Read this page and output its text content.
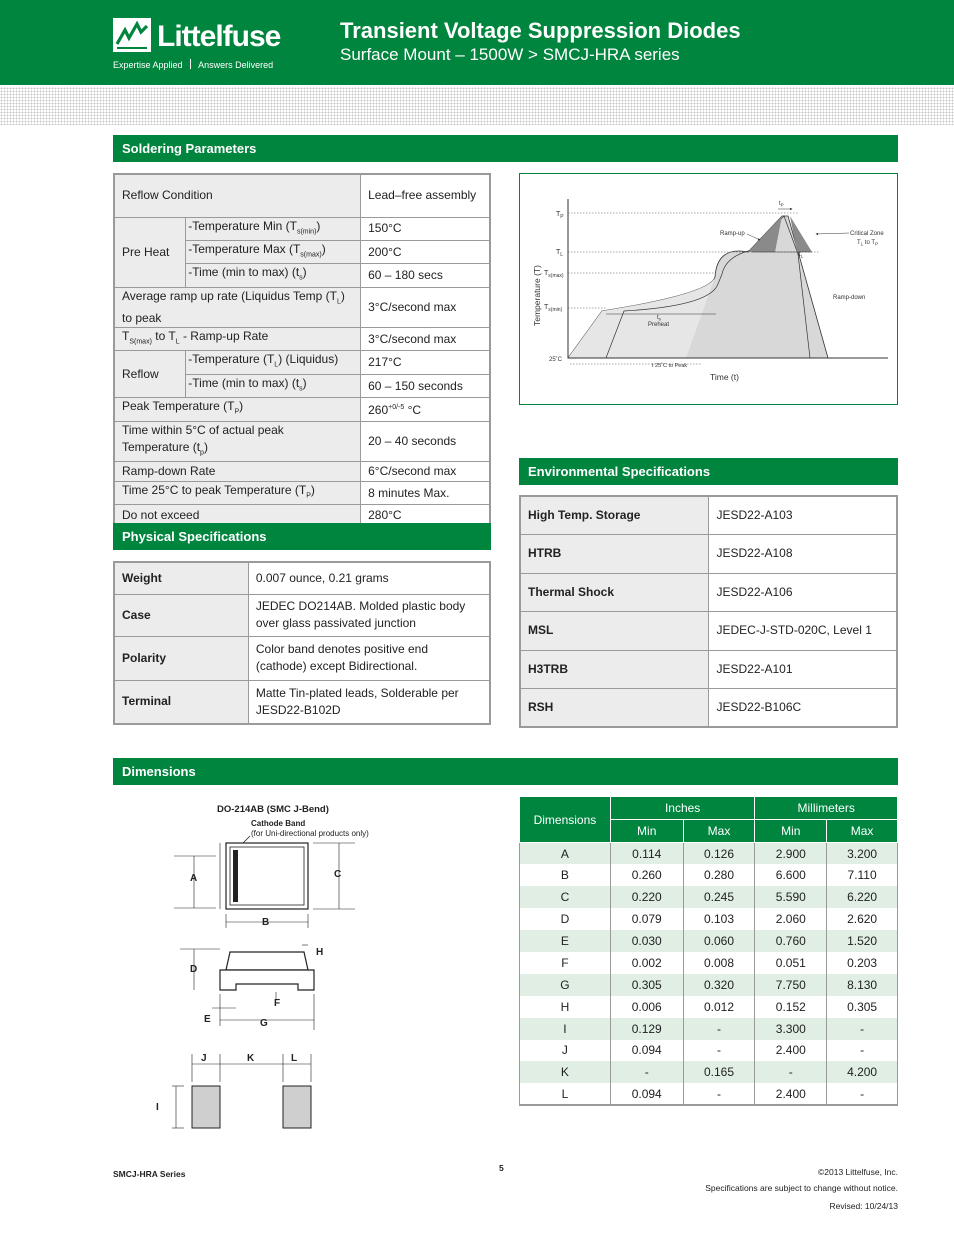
Littelfuse
Expertise Applied Answers Delivered
Transient Voltage Suppression Diodes
Surface Mount – 1500W > SMCJ-HRA series
Soldering Parameters
Reflow Condition		Lead–free assembly
Pre Heat	-Temperature Min $(T_{s(min)})$	150°C
	-Temperature Max $(T_{s(max)})$	200°C
	-Time (min to max) $(t_s)$	60 – 180 secs
Average ramp up rate (Liquidus Temp $(T_L)$ to peak		3°C/second max
$T_{S(max)}$ to $T_L$ - Ramp-up Rate		3°C/second max
Reflow	-Temperature $(T_L)$ (Liquidus)	217°C
	-Time (min to max) $(t_s)$	60 – 150 seconds
Peak Temperature $(T_P)$		$260^{+0/-5}$ °C
Time within 5°C of actual peak Temperature $(t_p)$		20 – 40 seconds
Ramp-down Rate		6°C/second max
Time 25°C to peak Temperature $(T_P)$		8 minutes Max.
Do not exceed		280°C
$T_P$
$T_L$
$T_{s(max)}$
$T_{s(min)}$
25˚C
Temperature (T)
Time (t)
Ramp-up
Ramp-down
Critical Zone
$T_L$ to $T_P$
$t_P$
$t_L$
$t_s$
Preheat
t 25˚C to Peak
Physical Specifications
Weight	0.007 ounce, 0.21 grams
Case	JEDEC DO214AB. Molded plastic body over glass passivated junction
Polarity	Color band denotes positive end (cathode) except Bidirectional.
Terminal	Matte Tin-plated leads, Solderable per JESD22-B102D
Environmental Specifications
High Temp. Storage	JESD22-A103
HTRB	JESD22-A108
Thermal Shock	JESD22-A106
MSL	JEDEC-J-STD-020C, Level 1
H3TRB	JESD22-A101
RSH	JESD22-B106C
Dimensions
DO-214AB (SMC J-Bend)
Cathode Band
(for Uni-directional products only)
A	C
B
D
H
F
G
E
J	K	L
I
Dimensions	Inches		Millimeters	
	Min	Max	Min	Max
A	0.114	0.126	2.900	3.200
B	0.260	0.280	6.600	7.110
C	0.220	0.245	5.590	6.220
D	0.079	0.103	2.060	2.620
E	0.030	0.060	0.760	1.520
F	0.002	0.008	0.051	0.203
G	0.305	0.320	7.750	8.130
H	0.006	0.012	0.152	0.305
I	0.129	-	3.300	-
J	0.094	-	2.400	-
K	-	0.165	-	4.200
L	0.094	-	2.400	-
SMCJ-HRA Series
5	©2013 Littelfuse, Inc.
Specifications are subject to change without notice.
Revised: 10/24/13
